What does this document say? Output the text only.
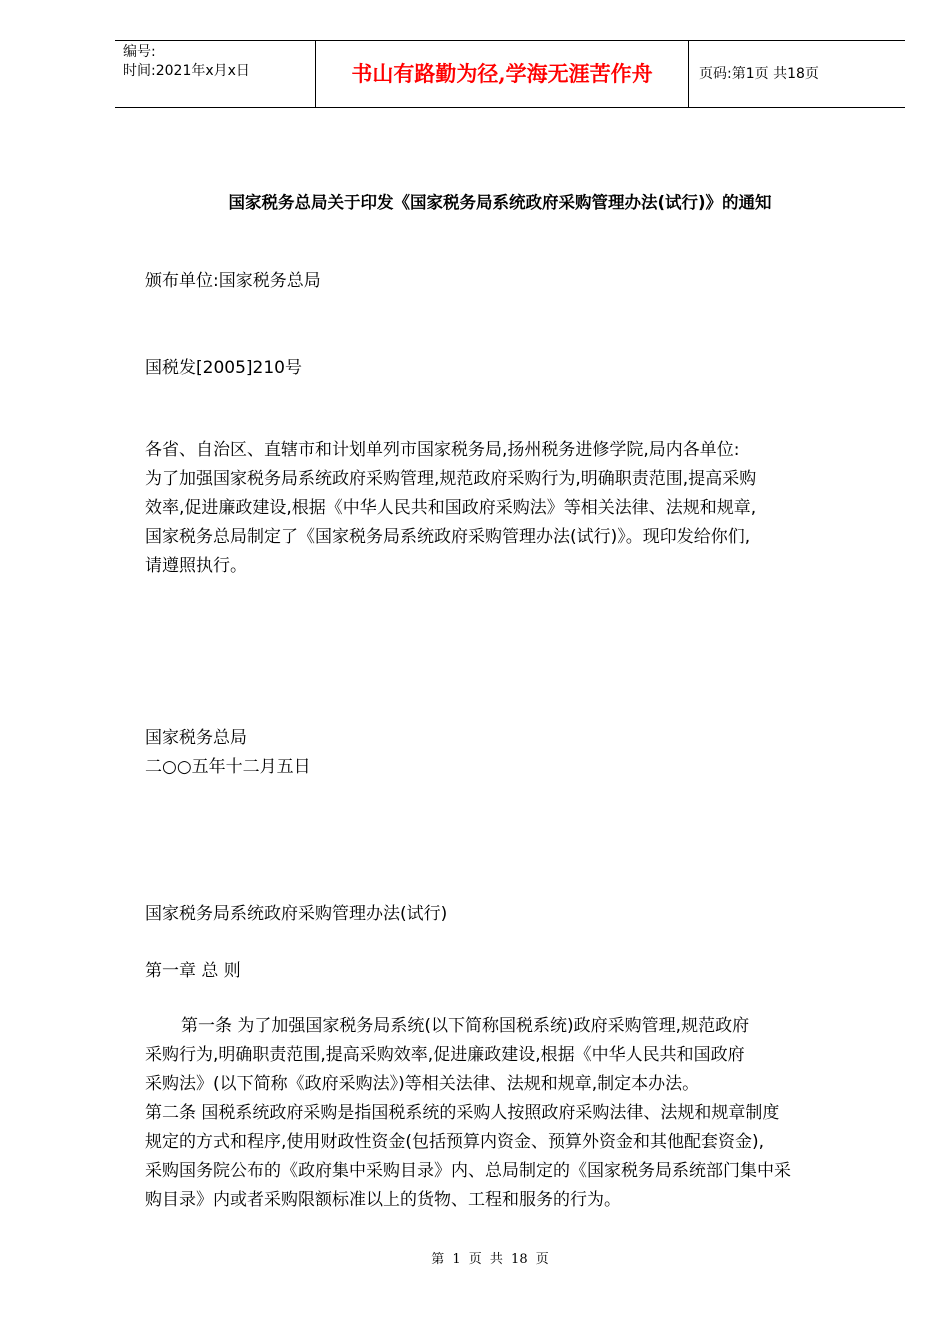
编号:
时间:2021年x月x日	书山有路勤为径,学海无涯苦作舟	页码:第1页 共18页
国家税务总局关于印发《国家税务局系统政府采购管理办法(试行)》的通知
颁布单位:国家税务总局
国税发[2005]210号
各省、自治区、直辖市和计划单列市国家税务局,扬州税务进修学院,局内各单位:
为了加强国家税务局系统政府采购管理,规范政府采购行为,明确职责范围,提高采购
效率,促进廉政建设,根据《中华人民共和国政府采购法》等相关法律、法规和规章,
国家税务总局制定了《国家税务局系统政府采购管理办法(试行)》。现印发给你们,
请遵照执行。
国家税务总局
二○○五年十二月五日
国家税务局系统政府采购管理办法(试行)
第一章 总 则
第一条 为了加强国家税务局系统(以下简称国税系统)政府采购管理,规范政府
采购行为,明确职责范围,提高采购效率,促进廉政建设,根据《中华人民共和国政府
采购法》(以下简称《政府采购法》)等相关法律、法规和规章,制定本办法。
第二条 国税系统政府采购是指国税系统的采购人按照政府采购法律、法规和规章制度
规定的方式和程序,使用财政性资金(包括预算内资金、预算外资金和其他配套资金),
采购国务院公布的《政府集中采购目录》内、总局制定的《国家税务局系统部门集中采
购目录》内或者采购限额标准以上的货物、工程和服务的行为。
第 1 页 共 18 页
